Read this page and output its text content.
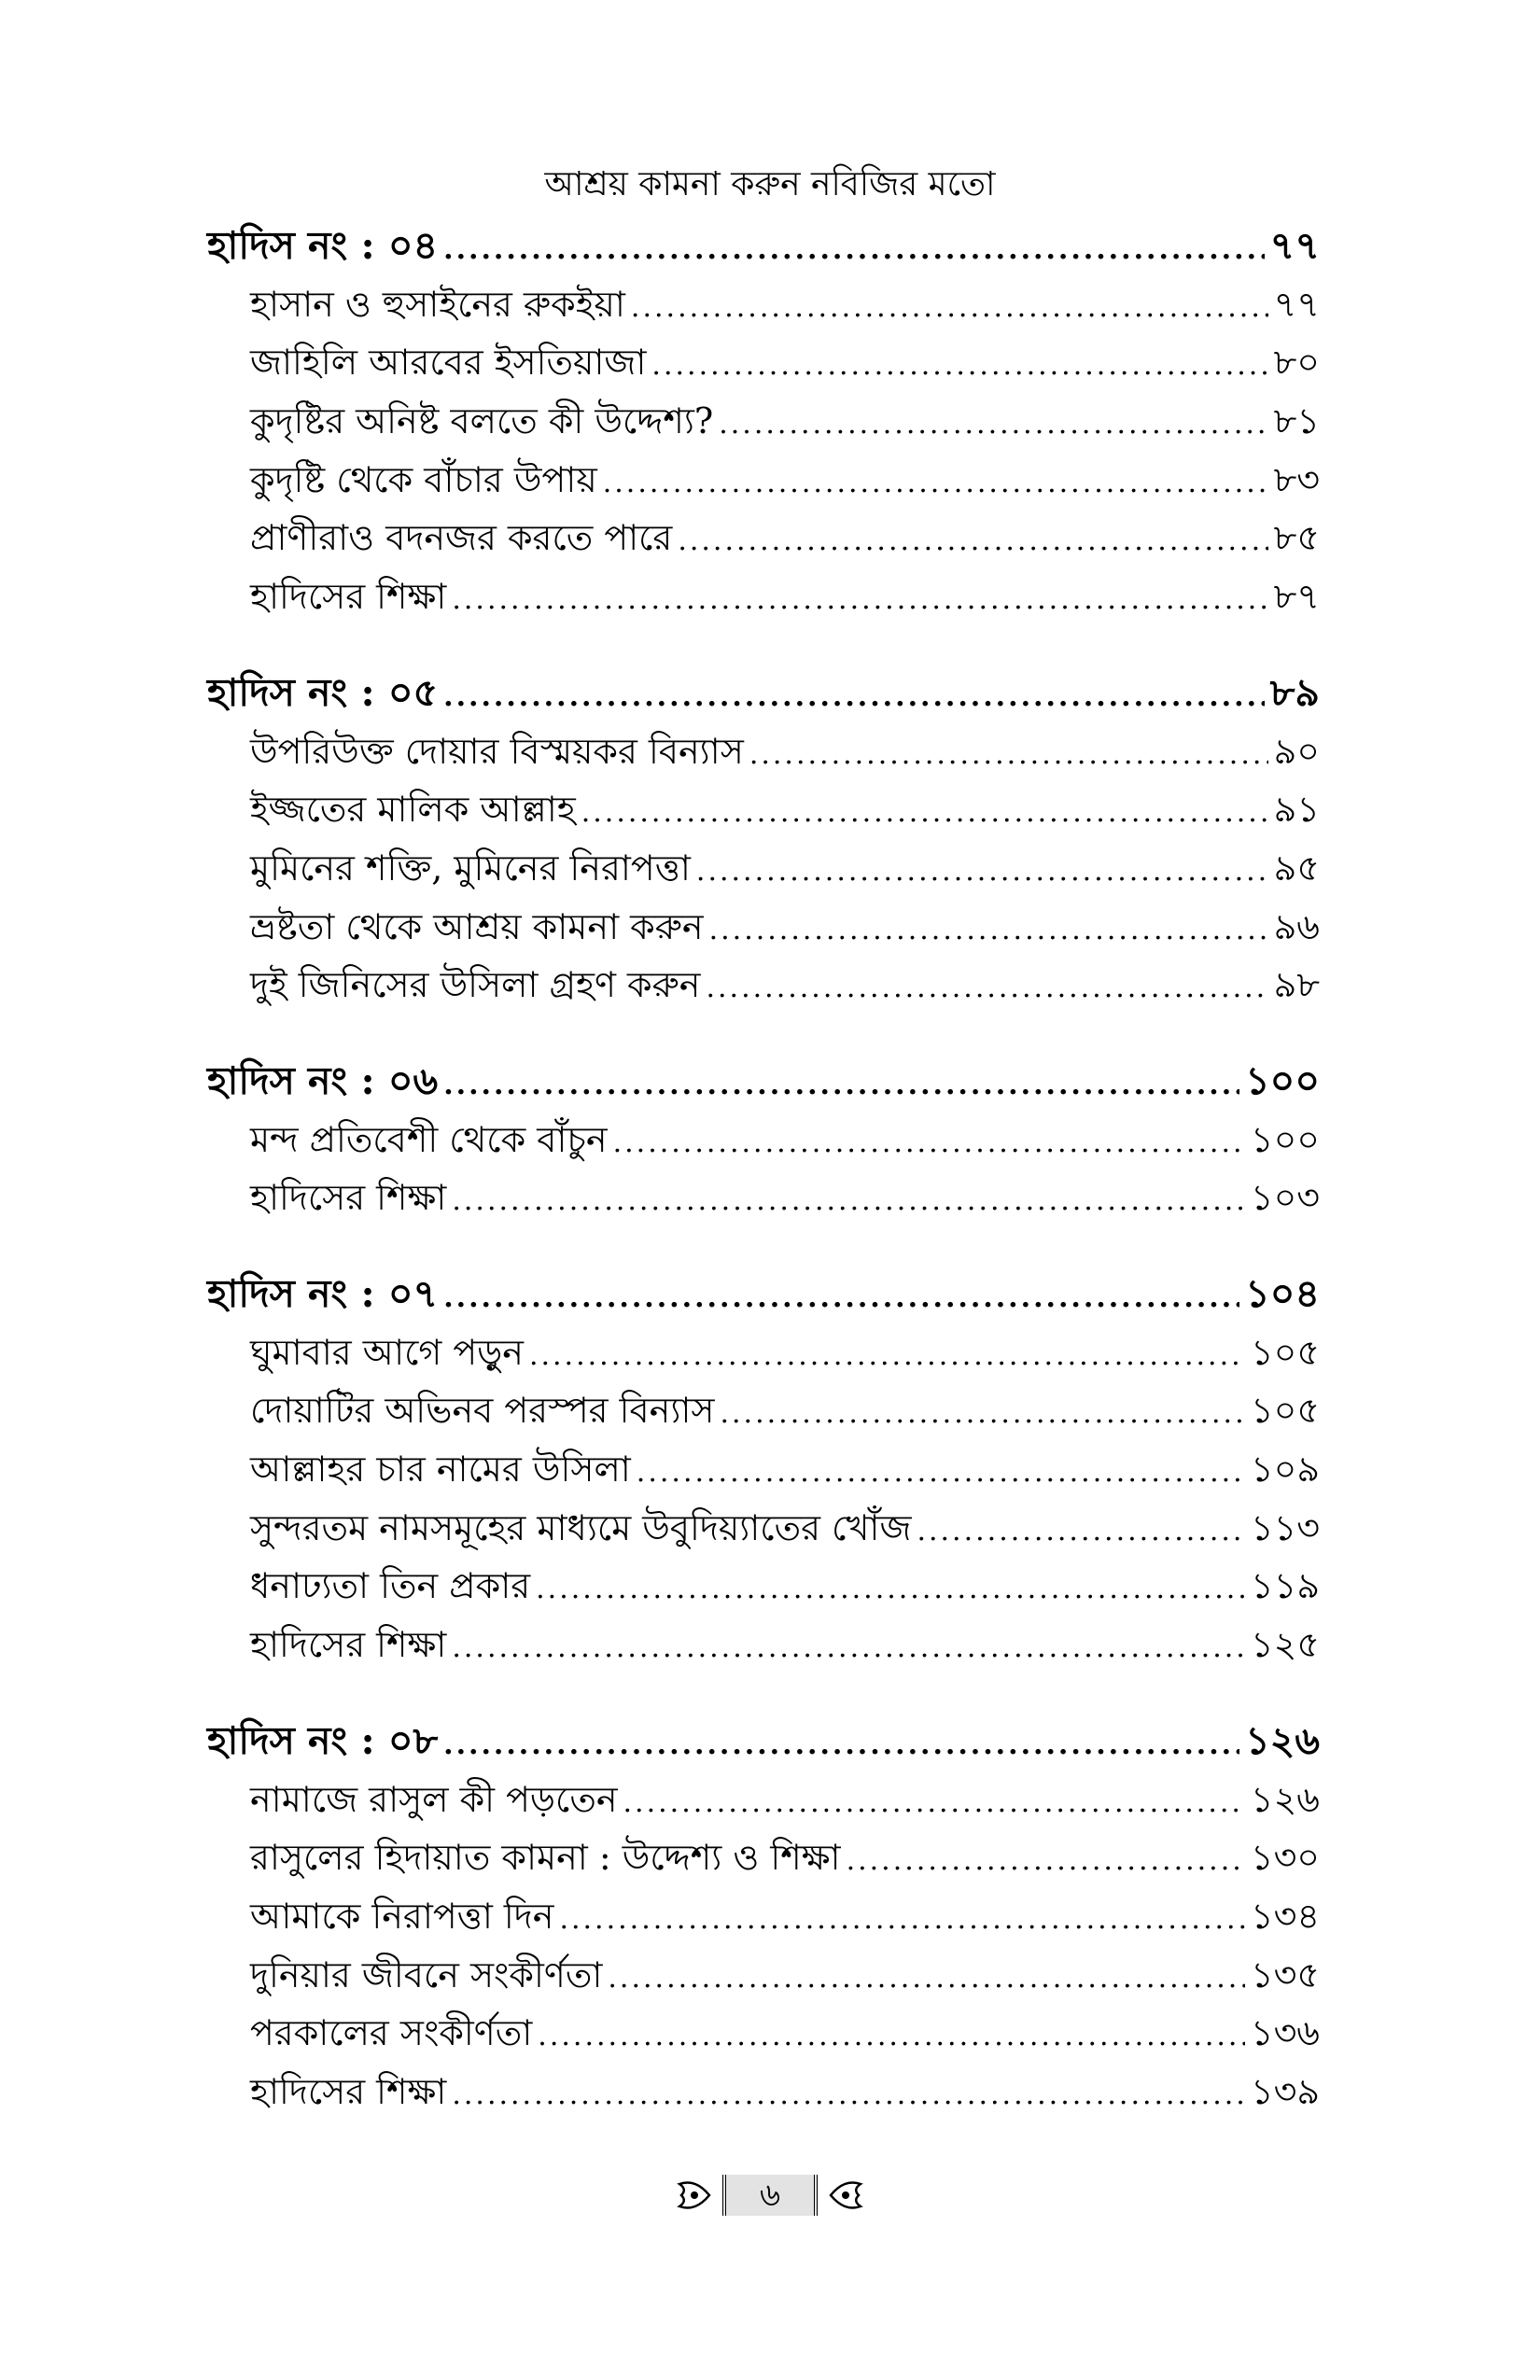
আশ্রয় কামনা করুন নবিজির মতো
হাদিস নং : ০৪ .....	৭৭
হাসান ও হুসাইনের রুকইয়া .....	৭৭
জাহিলি আরবের ইসতিয়াজা .....	৮০
কুদৃষ্টির অনিষ্ট বলতে কী উদ্দেশ্য? .....	৮১
কুদৃষ্টি থেকে বাঁচার উপায় .....	৮৩
প্রাণীরাও বদনজর করতে পারে .....	৮৫
হাদিসের শিক্ষা .....	৮৭
হাদিস নং : ০৫ .....	৮৯
উপরিউক্ত দোয়ার বিস্ময়কর বিন্যাস .....	৯০
ইজ্জতের মালিক আল্লাহ .....	৯১
মুমিনের শক্তি, মুমিনের নিরাপত্তা .....	৯৫
ভ্রষ্টতা থেকে আশ্রয় কামনা করুন .....	৯৬
দুই জিনিসের উসিলা গ্রহণ করুন .....	৯৮
হাদিস নং : ০৬ .....	১০০
মন্দ প্রতিবেশী থেকে বাঁচুন .....	১০০
হাদিসের শিক্ষা .....	১০৩
হাদিস নং : ০৭ .....	১০৪
ঘুমাবার আগে পড়ুন .....	১০৫
দোয়াটির অভিনব পরস্পর বিন্যাস .....	১০৫
আল্লাহর চার নামের উসিলা .....	১০৯
সুন্দরতম নামসমূহের মাধ্যমে উবুদিয়্যাতের খোঁজ .....	১১৩
ধনাঢ্যতা তিন প্রকার .....	১১৯
হাদিসের শিক্ষা .....	১২৫
হাদিস নং : ০৮ .....	১২৬
নামাজে রাসুল কী পড়তেন .....	১২৬
রাসুলের হিদায়াত কামনা : উদ্দেশ্য ও শিক্ষা .....	১৩০
আমাকে নিরাপত্তা দিন .....	১৩৪
দুনিয়ার জীবনে সংকীর্ণতা .....	১৩৫
পরকালের সংকীর্ণতা .....	১৩৬
হাদিসের শিক্ষা .....	১৩৯
৬
